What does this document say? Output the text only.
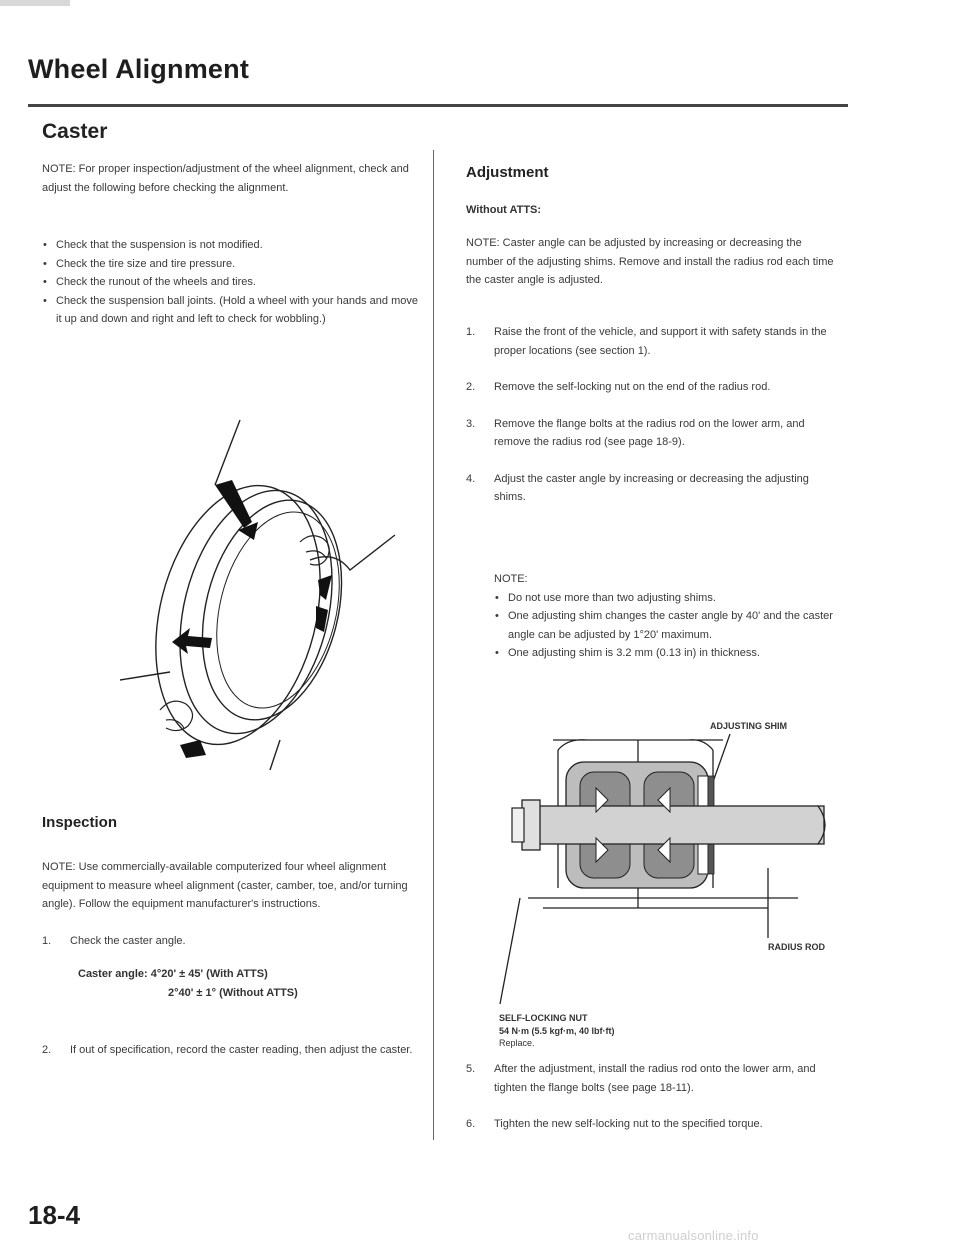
Wheel Alignment
Caster
NOTE: For proper inspection/adjustment of the wheel alignment, check and adjust the following before checking the alignment.
• Check that the suspension is not modified.
• Check the tire size and tire pressure.
• Check the runout of the wheels and tires.
• Check the suspension ball joints. (Hold a wheel with your hands and move it up and down and right and left to check for wobbling.)
Inspection
NOTE: Use commercially-available computerized four wheel alignment equipment to measure wheel alignment (caster, camber, toe, and/or turning angle). Follow the equipment manufacturer's instructions.
1. Check the caster angle.
Caster angle: 4°20' ± 45' (With ATTS)
2°40' ± 1° (Without ATTS)
2. If out of specification, record the caster reading, then adjust the caster.
Adjustment
Without ATTS:
NOTE: Caster angle can be adjusted by increasing or decreasing the number of the adjusting shims. Remove and install the radius rod each time the caster angle is adjusted.
1. Raise the front of the vehicle, and support it with safety stands in the proper locations (see section 1).
2. Remove the self-locking nut on the end of the radius rod.
3. Remove the flange bolts at the radius rod on the lower arm, and remove the radius rod (see page 18-9).
4. Adjust the caster angle by increasing or decreasing the adjusting shims.
NOTE:
• Do not use more than two adjusting shims.
• One adjusting shim changes the caster angle by 40' and the caster angle can be adjusted by 1°20' maximum.
• One adjusting shim is 3.2 mm (0.13 in) in thickness.
ADJUSTING SHIM
RADIUS ROD
SELF-LOCKING NUT
54 N·m (5.5 kgf·m, 40 lbf·ft)
Replace.
5. After the adjustment, install the radius rod onto the lower arm, and tighten the flange bolts (see page 18-11).
6. Tighten the new self-locking nut to the specified torque.
18-4
carmanualsonline.info
